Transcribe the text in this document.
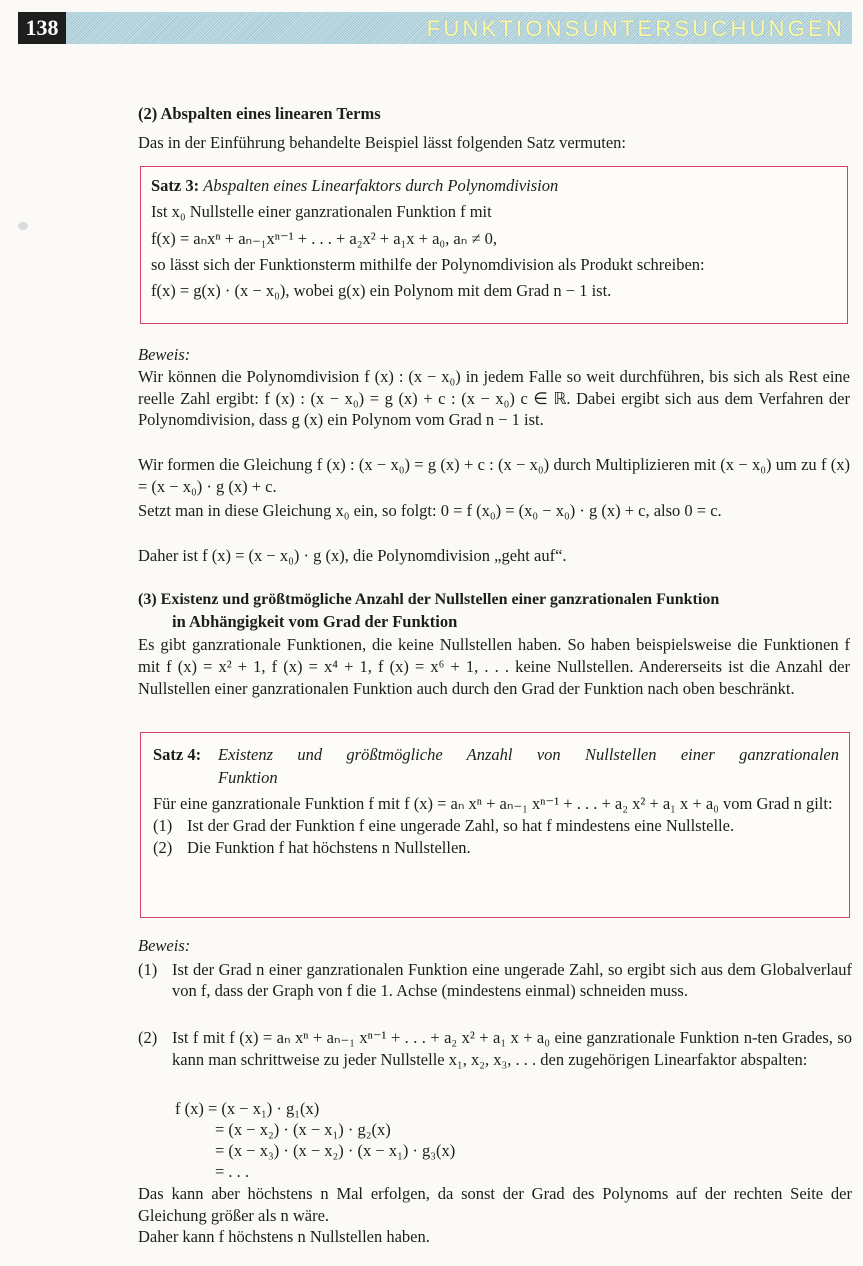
138	FUNKTIONSUNTERSUCHUNGEN

(2) Abspalten eines linearen Terms

Das in der Einführung behandelte Beispiel lässt folgenden Satz vermuten:

Satz 3: Abspalten eines Linearfaktors durch Polynomdivision

Ist x₀ Nullstelle einer ganzrationalen Funktion f mit

f(x) = aₙxⁿ + aₙ₋₁xⁿ⁻¹ + . . . + a₂x² + a₁x + a₀, aₙ ≠ 0,

so lässt sich der Funktionsterm mithilfe der Polynomdivision als Produkt schreiben:

f(x) = g(x) · (x − x₀), wobei g(x) ein Polynom mit dem Grad n − 1 ist.

Beweis:

Wir können die Polynomdivision f (x) : (x − x₀) in jedem Falle so weit durchführen, bis sich als Rest eine reelle Zahl ergibt: f (x) : (x − x₀) = g (x) + c : (x − x₀) c ∈ ℝ. Dabei ergibt sich aus dem Verfahren der Polynomdivision, dass g (x) ein Polynom vom Grad n − 1 ist.

Wir formen die Gleichung f (x) : (x − x₀) = g (x) + c : (x − x₀) durch Multiplizieren mit (x − x₀) um zu f (x) = (x − x₀) · g (x) + c.

Setzt man in diese Gleichung x₀ ein, so folgt: 0 = f (x₀) = (x₀ − x₀) · g (x) + c, also 0 = c.

Daher ist f (x) = (x − x₀) · g (x), die Polynomdivision „geht auf“.

(3) Existenz und größtmögliche Anzahl der Nullstellen einer ganzrationalen Funktion

in Abhängigkeit vom Grad der Funktion

Es gibt ganzrationale Funktionen, die keine Nullstellen haben. So haben beispielsweise die Funktionen f mit f (x) = x² + 1, f (x) = x⁴ + 1, f (x) = x⁶ + 1, . . . keine Nullstellen. Andererseits ist die Anzahl der Nullstellen einer ganzrationalen Funktion auch durch den Grad der Funktion nach oben beschränkt.

Satz 4:	Existenz und größtmögliche Anzahl von Nullstellen einer ganzrationalen
Funktion

Für eine ganzrationale Funktion f mit f (x) = aₙ xⁿ + aₙ₋₁ xⁿ⁻¹ + . . . + a₂ x² + a₁ x + a₀ vom Grad n gilt:

(1) Ist der Grad der Funktion f eine ungerade Zahl, so hat f mindestens eine Nullstelle.
(2) Die Funktion f hat höchstens n Nullstellen.

Beweis:

(1) Ist der Grad n einer ganzrationalen Funktion eine ungerade Zahl, so ergibt sich aus dem Globalverlauf von f, dass der Graph von f die 1. Achse (mindestens einmal) schneiden muss.
(2) Ist f mit f (x) = aₙ xⁿ + aₙ₋₁ xⁿ⁻¹ + . . . + a₂ x² + a₁ x + a₀ eine ganzrationale Funktion n-ten Grades, so kann man schrittweise zu jeder Nullstelle x₁, x₂, x₃, . . . den zugehörigen Linearfaktor abspalten:

f (x) = (x − x₁) · g₁(x)

= (x − x₂) · (x − x₁) · g₂(x)

= (x − x₃) · (x − x₂) · (x − x₁) · g₃(x)

= . . .

Das kann aber höchstens n Mal erfolgen, da sonst der Grad des Polynoms auf der rechten Seite der Gleichung größer als n wäre.

Daher kann f höchstens n Nullstellen haben.
